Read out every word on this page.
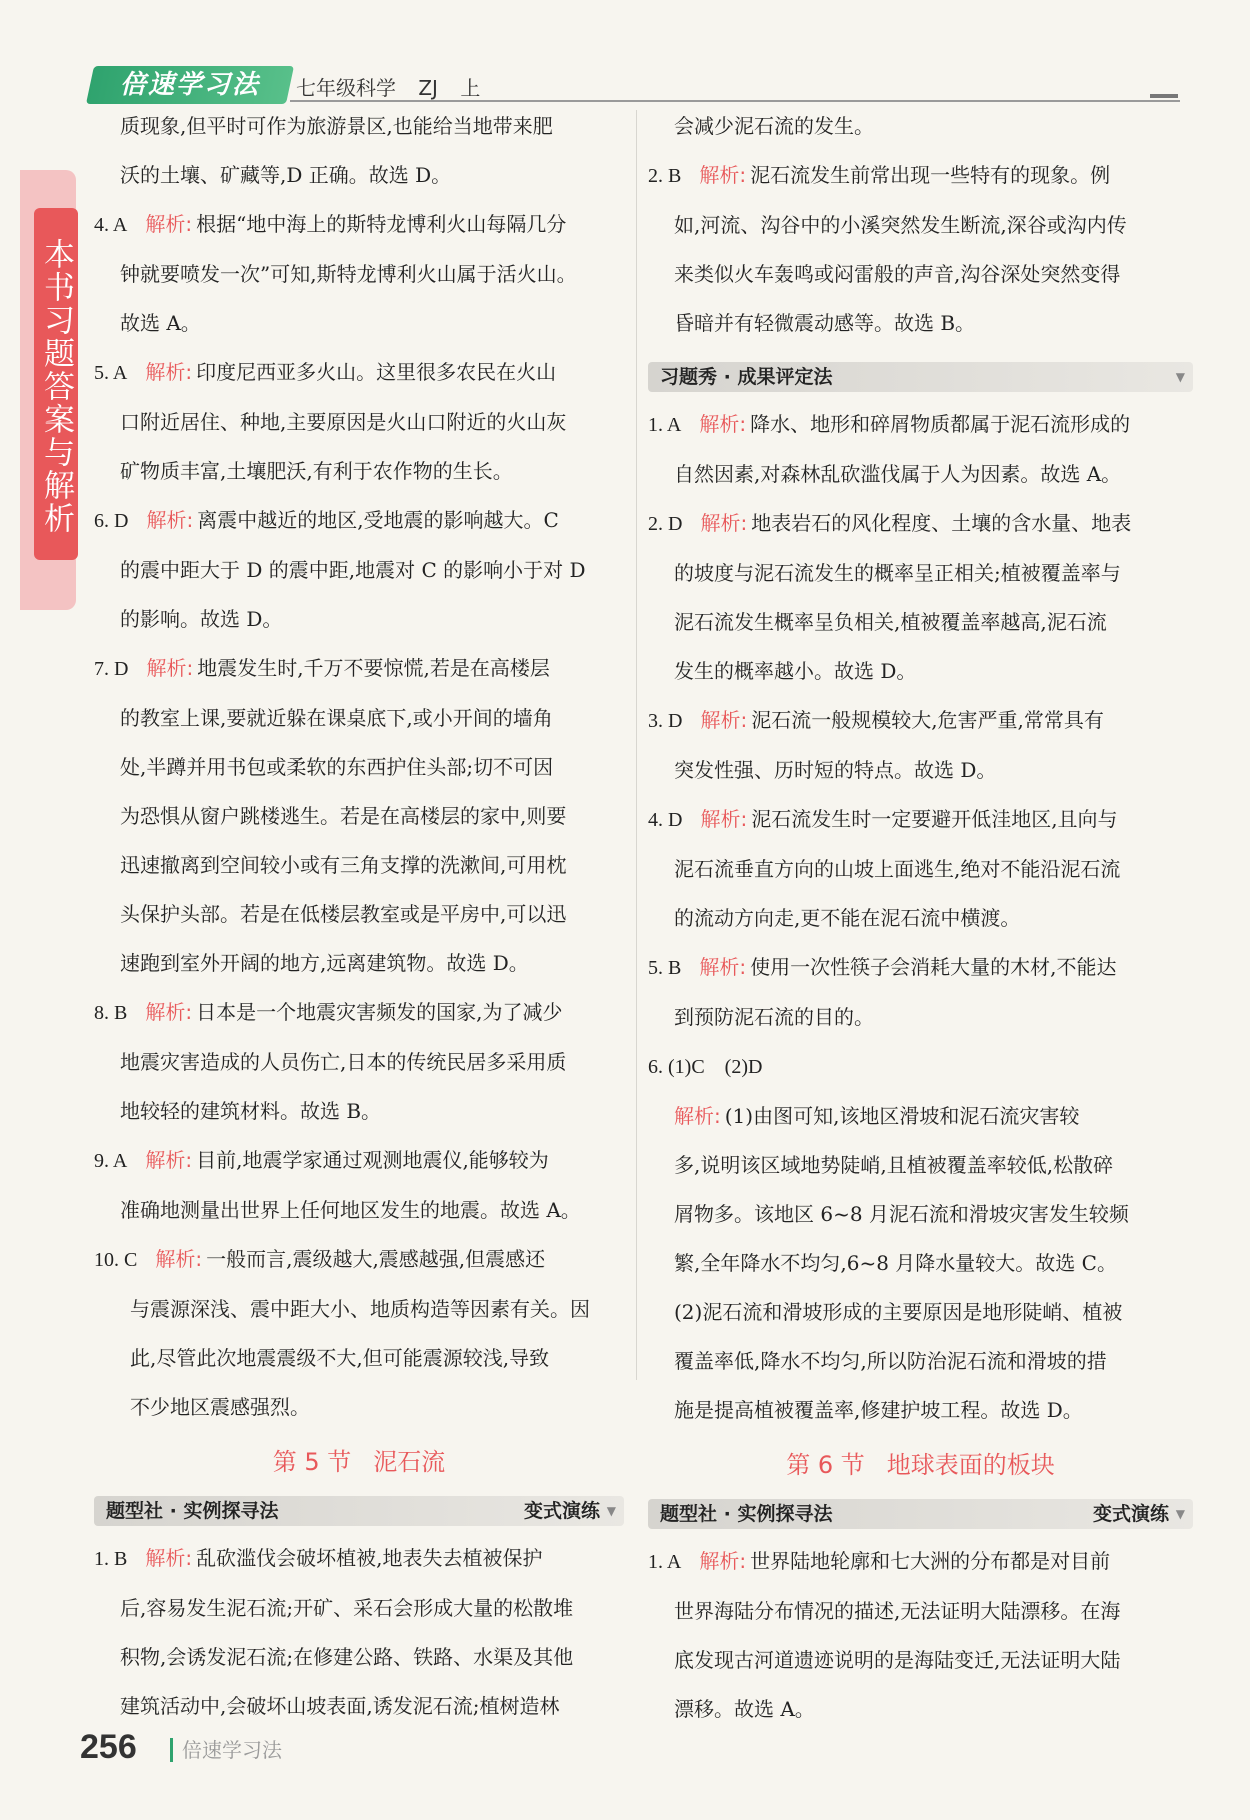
倍速学习法	七年级科学 ZJ 上
本书习题答案与解析
质现象,但平时可作为旅游景区,也能给当地带来肥
沃的土壤、矿藏等,D 正确。故选 D。
4. A 解析: 根据“地中海上的斯特龙博利火山每隔几分
钟就要喷发一次”可知,斯特龙博利火山属于活火山。
故选 A。
5. A 解析: 印度尼西亚多火山。这里很多农民在火山
口附近居住、种地,主要原因是火山口附近的火山灰
矿物质丰富,土壤肥沃,有利于农作物的生长。
6. D 解析: 离震中越近的地区,受地震的影响越大。C
的震中距大于 D 的震中距,地震对 C 的影响小于对 D
的影响。故选 D。
7. D 解析: 地震发生时,千万不要惊慌,若是在高楼层
的教室上课,要就近躲在课桌底下,或小开间的墙角
处,半蹲并用书包或柔软的东西护住头部;切不可因
为恐惧从窗户跳楼逃生。若是在高楼层的家中,则要
迅速撤离到空间较小或有三角支撑的洗漱间,可用枕
头保护头部。若是在低楼层教室或是平房中,可以迅
速跑到室外开阔的地方,远离建筑物。故选 D。
8. B 解析: 日本是一个地震灾害频发的国家,为了减少
地震灾害造成的人员伤亡,日本的传统民居多采用质
地较轻的建筑材料。故选 B。
9. A 解析: 目前,地震学家通过观测地震仪,能够较为
准确地测量出世界上任何地区发生的地震。故选 A。
10. C 解析: 一般而言,震级越大,震感越强,但震感还
与震源深浅、震中距大小、地质构造等因素有关。因
此,尽管此次地震震级不大,但可能震源较浅,导致
不少地区震感强烈。
第 5 节 泥石流
题型社 · 实例探寻法	变式演练 ▼
1. B 解析: 乱砍滥伐会破坏植被,地表失去植被保护
后,容易发生泥石流;开矿、采石会形成大量的松散堆
积物,会诱发泥石流;在修建公路、铁路、水渠及其他
建筑活动中,会破坏山坡表面,诱发泥石流;植树造林
会减少泥石流的发生。
2. B 解析: 泥石流发生前常出现一些特有的现象。例
如,河流、沟谷中的小溪突然发生断流,深谷或沟内传
来类似火车轰鸣或闷雷般的声音,沟谷深处突然变得
昏暗并有轻微震动感等。故选 B。
习题秀 · 成果评定法	▼
1. A 解析: 降水、地形和碎屑物质都属于泥石流形成的
自然因素,对森林乱砍滥伐属于人为因素。故选 A。
2. D 解析: 地表岩石的风化程度、土壤的含水量、地表
的坡度与泥石流发生的概率呈正相关;植被覆盖率与
泥石流发生概率呈负相关,植被覆盖率越高,泥石流
发生的概率越小。故选 D。
3. D 解析: 泥石流一般规模较大,危害严重,常常具有
突发性强、历时短的特点。故选 D。
4. D 解析: 泥石流发生时一定要避开低洼地区,且向与
泥石流垂直方向的山坡上面逃生,绝对不能沿泥石流
的流动方向走,更不能在泥石流中横渡。
5. B 解析: 使用一次性筷子会消耗大量的木材,不能达
到预防泥石流的目的。
6. (1)C　(2)D
解析: (1)由图可知,该地区滑坡和泥石流灾害较
多,说明该区域地势陡峭,且植被覆盖率较低,松散碎
屑物多。该地区 6~8 月泥石流和滑坡灾害发生较频
繁,全年降水不均匀,6~8 月降水量较大。故选 C。
(2)泥石流和滑坡形成的主要原因是地形陡峭、植被
覆盖率低,降水不均匀,所以防治泥石流和滑坡的措
施是提高植被覆盖率,修建护坡工程。故选 D。
第 6 节 地球表面的板块
题型社 · 实例探寻法	变式演练 ▼
1. A 解析: 世界陆地轮廓和七大洲的分布都是对目前
世界海陆分布情况的描述,无法证明大陆漂移。在海
底发现古河道遗迹说明的是海陆变迁,无法证明大陆
漂移。故选 A。
256 倍速学习法
